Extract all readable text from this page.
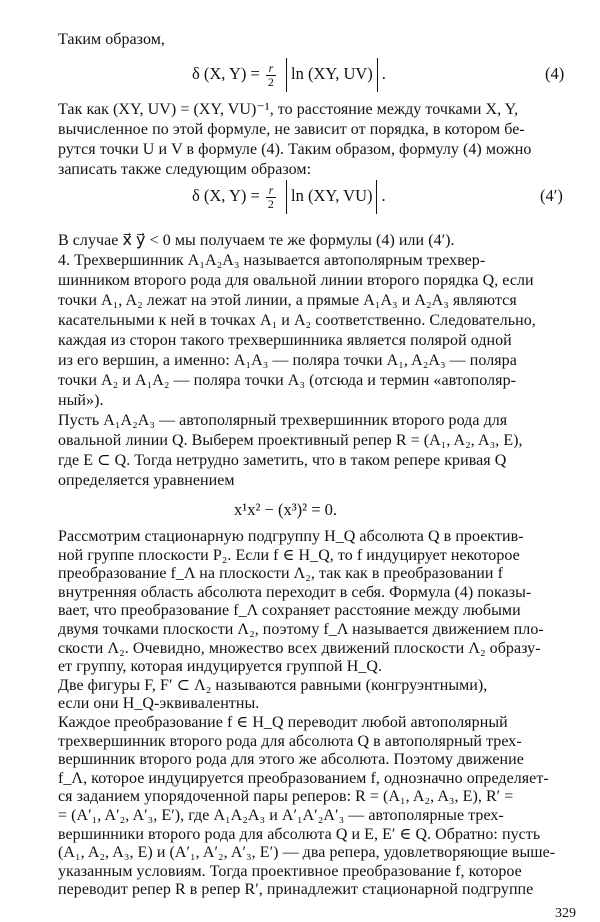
Таким образом,
δ (X, $Y) = \frac{r}{2}$ ln (XY, UV) .	(4)
Так как (XY, UV) = (XY, VU)⁻¹, то расстояние между точками X, Y,
вычисленное по этой формуле, не зависит от порядка, в котором бе-
рутся точки U и V в формуле (4). Таким образом, формулу (4) можно
записать также следующим образом:
δ (X, $Y) = \frac{r}{2}$ ln (XY, VU) .	(4′)
В случае x⃗ y⃗ < 0 мы получаем те же формулы (4) или (4′).
4. Трехвершинник A₁A₂A₃ называется автополярным трехвер-
шинником второго рода для овальной линии второго порядка Q, если
точки A₁, A₂ лежат на этой линии, а прямые A₁A₃ и A₂A₃ являются
касательными к ней в точках A₁ и A₂ соответственно. Следовательно,
каждая из сторон такого трехвершинника является полярой одной
из его вершин, а именно: A₁A₃ — поляра точки A₁, A₂A₃ — поляра
точки A₂ и A₁A₂ — поляра точки A₃ (отсюда и термин «автополяр-
ный»).
Пусть A₁A₂A₃ — автополярный трехвершинник второго рода для
овальной линии Q. Выберем проективный репер R = (A₁, A₂, A₃, E),
где E ⊂ Q. Тогда нетрудно заметить, что в таком репере кривая Q
определяется уравнением
x¹x² − (x³)² = 0.
Рассмотрим стационарную подгруппу H_Q абсолюта Q в проектив-
ной группе плоскости P₂. Если f ∈ H_Q, то f индуцирует некоторое
преобразование f_Λ на плоскости Λ₂, так как в преобразовании f
внутренняя область абсолюта переходит в себя. Формула (4) показы-
вает, что преобразование f_Λ сохраняет расстояние между любыми
двумя точками плоскости Λ₂, поэтому f_Λ называется движением пло-
скости Λ₂. Очевидно, множество всех движений плоскости Λ₂ образу-
ет группу, которая индуцируется группой H_Q.
Две фигуры F, F′ ⊂ Λ₂ называются равными (конгруэнтными),
если они H_Q-эквивалентны.
Каждое преобразование f ∈ H_Q переводит любой автополярный
трехвершинник второго рода для абсолюта Q в автополярный трех-
вершинник второго рода для этого же абсолюта. Поэтому движение
f_Λ, которое индуцируется преобразованием f, однозначно определяет-
ся заданием упорядоченной пары реперов: R = (A₁, A₂, A₃, E), R′ =
= (A′₁, A′₂, A′₃, E′), где A₁A₂A₃ и A′₁A′₂A′₃ — автополярные трех-
вершинники второго рода для абсолюта Q и E, E′ ∈ Q. Обратно: пусть
(A₁, A₂, A₃, E) и (A′₁, A′₂, A′₃, E′) — два репера, удовлетворяющие выше-
указанным условиям. Тогда проективное преобразование f, которое
переводит репер R в репер R′, принадлежит стационарной подгруппе
329
